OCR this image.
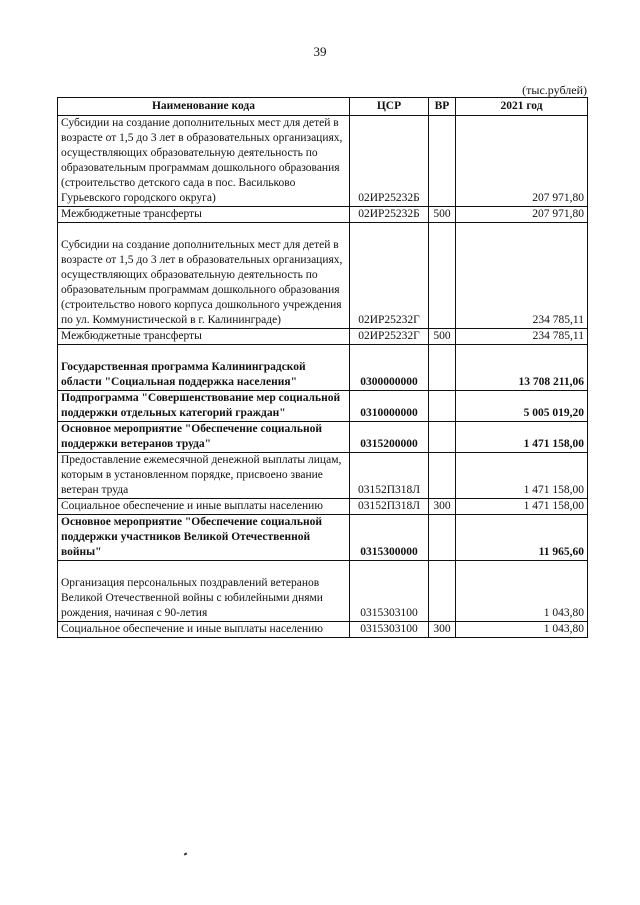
39
(тыс.рублей)
Наименование кода	ЦСР	ВР	2021 год
Субсидии на создание дополнительных мест для детей в возрасте от 1,5 до 3 лет в образовательных организациях, осуществляющих образовательную деятельность по образовательным программам дошкольного образования (строительство детского сада в пос. Васильково Гурьевского городского округа)	02ИР25232Б		207 971,80
Межбюджетные трансферты	02ИР25232Б	500	207 971,80

Субсидии на создание дополнительных мест для детей в возрасте от 1,5 до 3 лет в образовательных организациях, осуществляющих образовательную деятельность по образовательным программам дошкольного образования (строительство нового корпуса дошкольного учреждения по ул. Коммунистической в г. Калининграде)	02ИР25232Г		234 785,11
Межбюджетные трансферты	02ИР25232Г	500	234 785,11

Государственная программа Калининградской области "Социальная поддержка населения"	0300000000		13 708 211,06
Подпрограмма "Совершенствование мер социальной поддержки отдельных категорий граждан"	0310000000		5 005 019,20
Основное мероприятие "Обеспечение социальной поддержки ветеранов труда"	0315200000		1 471 158,00
Предоставление ежемесячной денежной выплаты лицам, которым в установленном порядке, присвоено звание ветеран труда	03152П318Л		1 471 158,00
Социальное обеспечение и иные выплаты населению	03152П318Л	300	1 471 158,00
Основное мероприятие "Обеспечение социальной поддержки участников Великой Отечественной войны"	0315300000		11 965,60

Организация персональных поздравлений ветеранов Великой Отечественной войны с юбилейными днями рождения, начиная с 90-летия	0315303100		1 043,80
Социальное обеспечение и иные выплаты населению	0315303100	300	1 043,80
